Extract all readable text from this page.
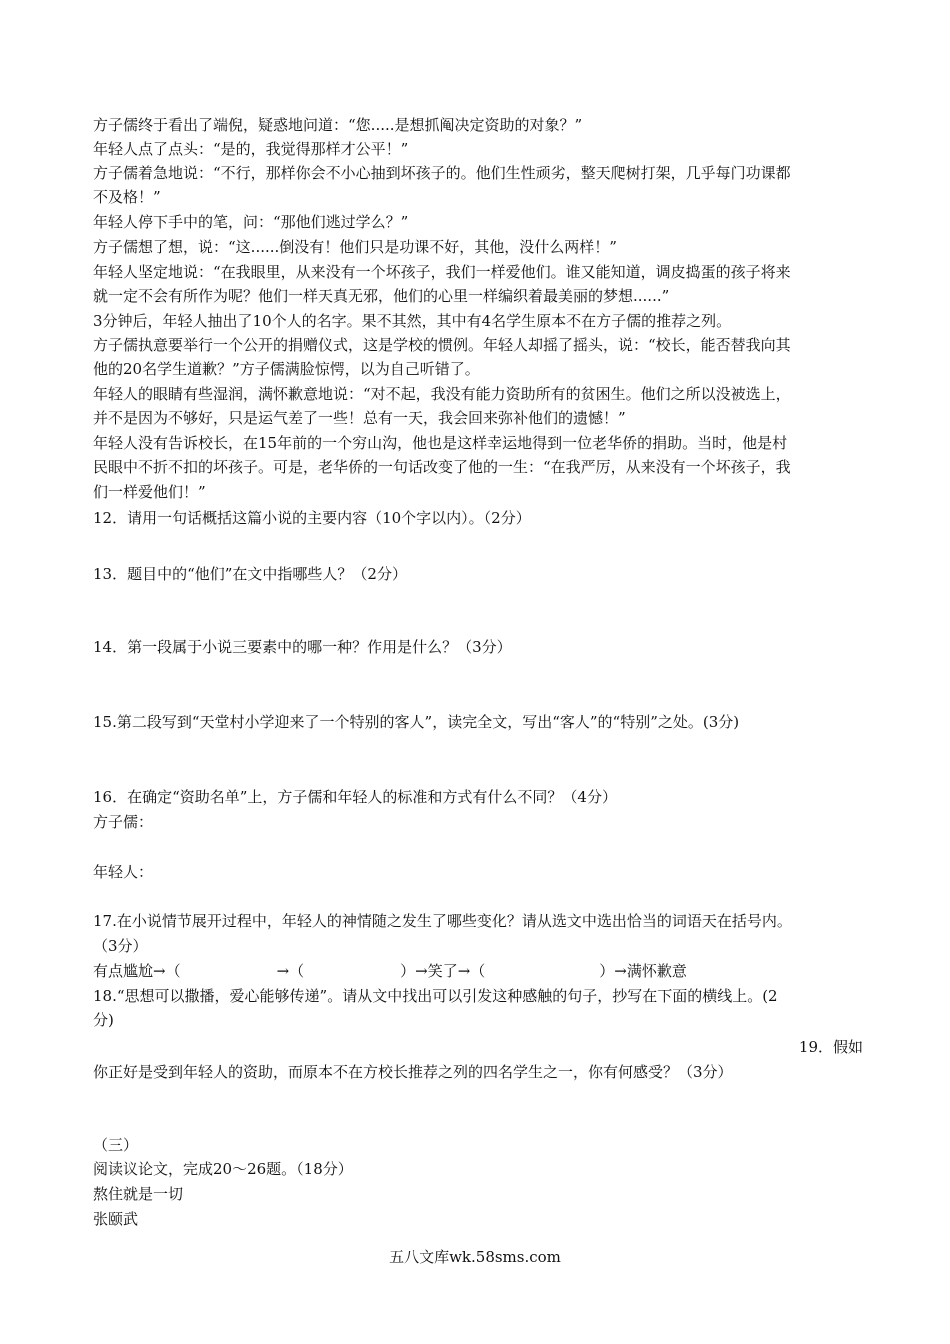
方子儒终于看出了端倪，疑惑地问道：“您.....是想抓阄决定资助的对象？”

年轻人点了点头：“是的，我觉得那样才公平！”

方子儒着急地说：“不行，那样你会不小心抽到坏孩子的。他们生性顽劣，整天爬树打架，几乎每门功课都

不及格！”

年轻人停下手中的笔，问：“那他们逃过学么？”

方子儒想了想，说：“这......倒没有！他们只是功课不好，其他，没什么两样！”

年轻人坚定地说：“在我眼里，从来没有一个坏孩子，我们一样爱他们。谁又能知道，调皮捣蛋的孩子将来

就一定不会有所作为呢？他们一样天真无邪，他们的心里一样编织着最美丽的梦想......”

3分钟后，年轻人抽出了10个人的名字。果不其然，其中有4名学生原本不在方子儒的推荐之列。

方子儒执意要举行一个公开的捐赠仪式，这是学校的惯例。年轻人却摇了摇头，说：“校长，能否替我向其

他的20名学生道歉？”方子儒满脸惊愕，以为自己听错了。

年轻人的眼睛有些湿润，满怀歉意地说：“对不起，我没有能力资助所有的贫困生。他们之所以没被选上，

并不是因为不够好，只是运气差了一些！总有一天，我会回来弥补他们的遗憾！”

年轻人没有告诉校长，在15年前的一个穷山沟，他也是这样幸运地得到一位老华侨的捐助。当时，他是村

民眼中不折不扣的坏孩子。可是，老华侨的一句话改变了他的一生：“在我严厉，从来没有一个坏孩子，我

们一样爱他们！”

12．请用一句话概括这篇小说的主要内容（10个字以内）。（2分）

13．题目中的“他们”在文中指哪些人？（2分）

14．第一段属于小说三要素中的哪一种？作用是什么？（3分）

15.第二段写到“天堂村小学迎来了一个特别的客人”，读完全文，写出“客人”的“特别”之处。(3分)

16．在确定“资助名单”上，方子儒和年轻人的标准和方式有什么不同？（4分）

方子儒：

年轻人：

17.在小说情节展开过程中，年轻人的神情随之发生了哪些变化？请从选文中选出恰当的词语天在括号内。

（3分）

有点尴尬→（	→（	）→笑了→（	）→满怀歉意

18.“思想可以撒播，爱心能够传递”。请从文中找出可以引发这种感触的句子，抄写在下面的横线上。(2

分)

19．假如

你正好是受到年轻人的资助，而原本不在方校长推荐之列的四名学生之一，你有何感受？（3分）

（三）

阅读议论文，完成20～26题。（18分）

熬住就是一切

张颐武

五八文库wk.58sms.com
